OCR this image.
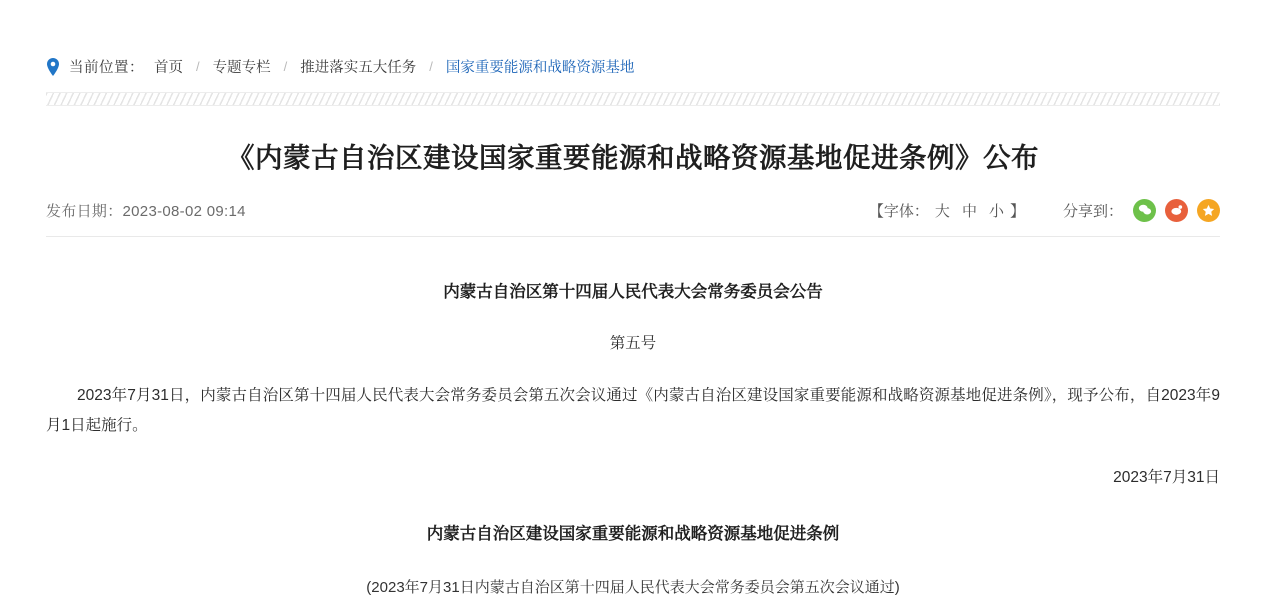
当前位置： 首页 / 专题专栏 / 推进落实五大任务 / 国家重要能源和战略资源基地
《内蒙古自治区建设国家重要能源和战略资源基地促进条例》公布
发布日期：2023-08-02 09:14	【字体： 大 中 小 】	分享到：

内蒙古自治区第十四届人民代表大会常务委员会公告

第五号

2023年7月31日，内蒙古自治区第十四届人民代表大会常务委员会第五次会议通过《内蒙古自治区建设国家重要能源和战略资源基地促进条例》，现予公布，自2023年9月1日起施行。

2023年7月31日

内蒙古自治区建设国家重要能源和战略资源基地促进条例

(2023年7月31日内蒙古自治区第十四届人民代表大会常务委员会第五次会议通过)
